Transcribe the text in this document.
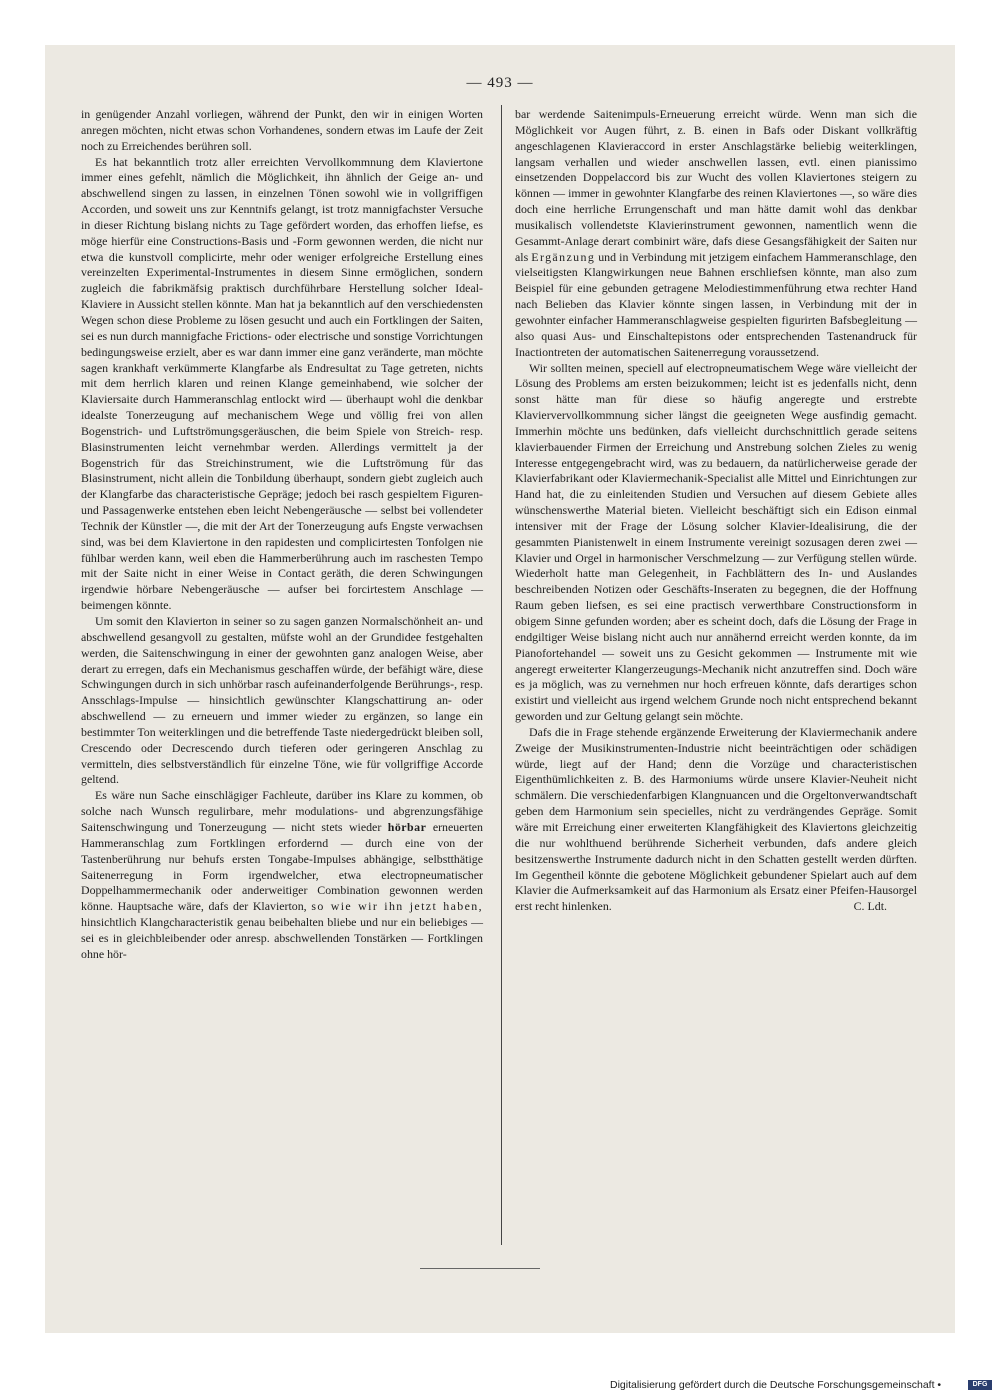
— 493 —

in genügender Anzahl vorliegen, während der Punkt, den wir in einigen Worten anregen möchten, nicht etwas schon Vorhandenes, sondern etwas im Laufe der Zeit noch zu Erreichendes berühren soll.

Es hat bekanntlich trotz aller erreichten Vervollkommnung dem Klaviertone immer eines gefehlt, nämlich die Möglichkeit, ihn ähnlich der Geige an- und abschwellend singen zu lassen, in einzelnen Tönen sowohl wie in vollgriffigen Accorden, und soweit uns zur Kenntnifs gelangt, ist trotz mannigfachster Versuche in dieser Richtung bislang nichts zu Tage gefördert worden, das erhoffen liefse, es möge hierfür eine Constructions-Basis und -Form gewonnen werden, die nicht nur etwa die kunstvoll complicirte, mehr oder weniger erfolgreiche Erstellung eines vereinzelten Experimental-Instrumentes in diesem Sinne ermöglichen, sondern zugleich die fabrikmäfsig praktisch durchführbare Herstellung solcher Ideal-Klaviere in Aussicht stellen könnte. Man hat ja bekanntlich auf den verschiedensten Wegen schon diese Probleme zu lösen gesucht und auch ein Fortklingen der Saiten, sei es nun durch mannigfache Frictions- oder electrische und sonstige Vorrichtungen bedingungsweise erzielt, aber es war dann immer eine ganz veränderte, man möchte sagen krankhaft verkümmerte Klangfarbe als Endresultat zu Tage getreten, nichts mit dem herrlich klaren und reinen Klange gemeinhabend, wie solcher der Klaviersaite durch Hammeranschlag entlockt wird — überhaupt wohl die denkbar idealste Tonerzeugung auf mechanischem Wege und völlig frei von allen Bogenstrich- und Luftströmungsgeräuschen, die beim Spiele von Streich- resp. Blasinstrumenten leicht vernehmbar werden. Allerdings vermittelt ja der Bogenstrich für das Streichinstrument, wie die Luftströmung für das Blasinstrument, nicht allein die Tonbildung überhaupt, sondern giebt zugleich auch der Klangfarbe das characteristische Gepräge; jedoch bei rasch gespieltem Figuren- und Passagenwerke entstehen eben leicht Nebengeräusche — selbst bei vollendeter Technik der Künstler —, die mit der Art der Tonerzeugung aufs Engste verwachsen sind, was bei dem Klaviertone in den rapidesten und complicirtesten Tonfolgen nie fühlbar werden kann, weil eben die Hammerberührung auch im raschesten Tempo mit der Saite nicht in einer Weise in Contact geräth, die deren Schwingungen irgendwie hörbare Nebengeräusche — aufser bei forcirtestem Anschlage — beimengen könnte.

Um somit den Klavierton in seiner so zu sagen ganzen Normalschönheit an- und abschwellend gesangvoll zu gestalten, müfste wohl an der Grundidee festgehalten werden, die Saitenschwingung in einer der gewohnten ganz analogen Weise, aber derart zu erregen, dafs ein Mechanismus geschaffen würde, der befähigt wäre, diese Schwingungen durch in sich unhörbar rasch aufeinanderfolgende Berührungs-, resp. Ansschlags-Impulse — hinsichtlich gewünschter Klangschattirung an- oder abschwellend — zu erneuern und immer wieder zu ergänzen, so lange ein bestimmter Ton weiterklingen und die betreffende Taste niedergedrückt bleiben soll, Crescendo oder Decrescendo durch tieferen oder geringeren Anschlag zu vermitteln, dies selbstverständlich für einzelne Töne, wie für vollgriffige Accorde geltend.

Es wäre nun Sache einschlägiger Fachleute, darüber ins Klare zu kommen, ob solche nach Wunsch regulirbare, mehr modulations- und abgrenzungsfähige Saitenschwingung und Tonerzeugung — nicht stets wieder hörbar erneuerten Hammeranschlag zum Fortklingen erfordernd — durch eine von der Tastenberührung nur behufs ersten Tongabe-Impulses abhängige, selbstthätige Saitenerregung in Form irgendwelcher, etwa electropneumatischer Doppelhammermechanik oder anderweitiger Combination gewonnen werden könne. Hauptsache wäre, dafs der Klavierton, so wie wir ihn jetzt haben, hinsichtlich Klangcharacteristik genau beibehalten bliebe und nur ein beliebiges — sei es in gleichbleibender oder anresp. abschwellenden Tonstärken — Fortklingen ohne hör-

bar werdende Saitenimpuls-Erneuerung erreicht würde. Wenn man sich die Möglichkeit vor Augen führt, z. B. einen in Bafs oder Diskant vollkräftig angeschlagenen Klavieraccord in erster Anschlagstärke beliebig weiterklingen, langsam verhallen und wieder anschwellen lassen, evtl. einen pianissimo einsetzenden Doppelaccord bis zur Wucht des vollen Klaviertones steigern zu können — immer in gewohnter Klangfarbe des reinen Klaviertones —, so wäre dies doch eine herrliche Errungenschaft und man hätte damit wohl das denkbar musikalisch vollendetste Klavierinstrument gewonnen, namentlich wenn die Gesammt-Anlage derart combinirt wäre, dafs diese Gesangsfähigkeit der Saiten nur als Ergänzung und in Verbindung mit jetzigem einfachem Hammeranschlage, den vielseitigsten Klangwirkungen neue Bahnen erschliefsen könnte, man also zum Beispiel für eine gebunden getragene Melodiestimmenführung etwa rechter Hand nach Belieben das Klavier könnte singen lassen, in Verbindung mit der in gewohnter einfacher Hammeranschlagweise gespielten figurirten Bafsbegleitung — also quasi Aus- und Einschaltepistons oder entsprechenden Tastenandruck für Inactiontreten der automatischen Saitenerregung voraussetzend.

Wir sollten meinen, speciell auf electropneumatischem Wege wäre vielleicht der Lösung des Problems am ersten beizukommen; leicht ist es jedenfalls nicht, denn sonst hätte man für diese so häufig angeregte und erstrebte Klaviervervollkommnung sicher längst die geeigneten Wege ausfindig gemacht. Immerhin möchte uns bedünken, dafs vielleicht durchschnittlich gerade seitens klavierbauender Firmen der Erreichung und Anstrebung solchen Zieles zu wenig Interesse entgegengebracht wird, was zu bedauern, da natürlicherweise gerade der Klavierfabrikant oder Klaviermechanik-Specialist alle Mittel und Einrichtungen zur Hand hat, die zu einleitenden Studien und Versuchen auf diesem Gebiete alles wünschenswerthe Material bieten. Vielleicht beschäftigt sich ein Edison einmal intensiver mit der Frage der Lösung solcher Klavier-Idealisirung, die der gesammten Pianistenwelt in einem Instrumente vereinigt sozusagen deren zwei — Klavier und Orgel in harmonischer Verschmelzung — zur Verfügung stellen würde. Wiederholt hatte man Gelegenheit, in Fachblättern des In- und Auslandes beschreibenden Notizen oder Geschäfts-Inseraten zu begegnen, die der Hoffnung Raum geben liefsen, es sei eine practisch verwerthbare Constructionsform in obigem Sinne gefunden worden; aber es scheint doch, dafs die Lösung der Frage in endgiltiger Weise bislang nicht auch nur annähernd erreicht werden konnte, da im Pianofortehandel — soweit uns zu Gesicht gekommen — Instrumente mit wie angeregt erweiterter Klangerzeugungs-Mechanik nicht anzutreffen sind. Doch wäre es ja möglich, was zu vernehmen nur hoch erfreuen könnte, dafs derartiges schon existirt und vielleicht aus irgend welchem Grunde noch nicht entsprechend bekannt geworden und zur Geltung gelangt sein möchte.

Dafs die in Frage stehende ergänzende Erweiterung der Klaviermechanik andere Zweige der Musikinstrumenten-Industrie nicht beeinträchtigen oder schädigen würde, liegt auf der Hand; denn die Vorzüge und characteristischen Eigenthümlichkeiten z. B. des Harmoniums würde unsere Klavier-Neuheit nicht schmälern. Die verschiedenfarbigen Klangnuancen und die Orgeltonverwandtschaft geben dem Harmonium sein specielles, nicht zu verdrängendes Gepräge. Somit wäre mit Erreichung einer erweiterten Klangfähigkeit des Klaviertons gleichzeitig die nur wohlthuend berührende Sicherheit verbunden, dafs andere gleich besitzenswerthe Instrumente dadurch nicht in den Schatten gestellt werden dürften. Im Gegentheil könnte die gebotene Möglichkeit gebundener Spielart auch auf dem Klavier die Aufmerksamkeit auf das Harmonium als Ersatz einer Pfeifen-Hausorgel erst recht hinlenken.	C. Ldt.

Digitalisierung gefördert durch die Deutsche Forschungsgemeinschaft •	DFG
